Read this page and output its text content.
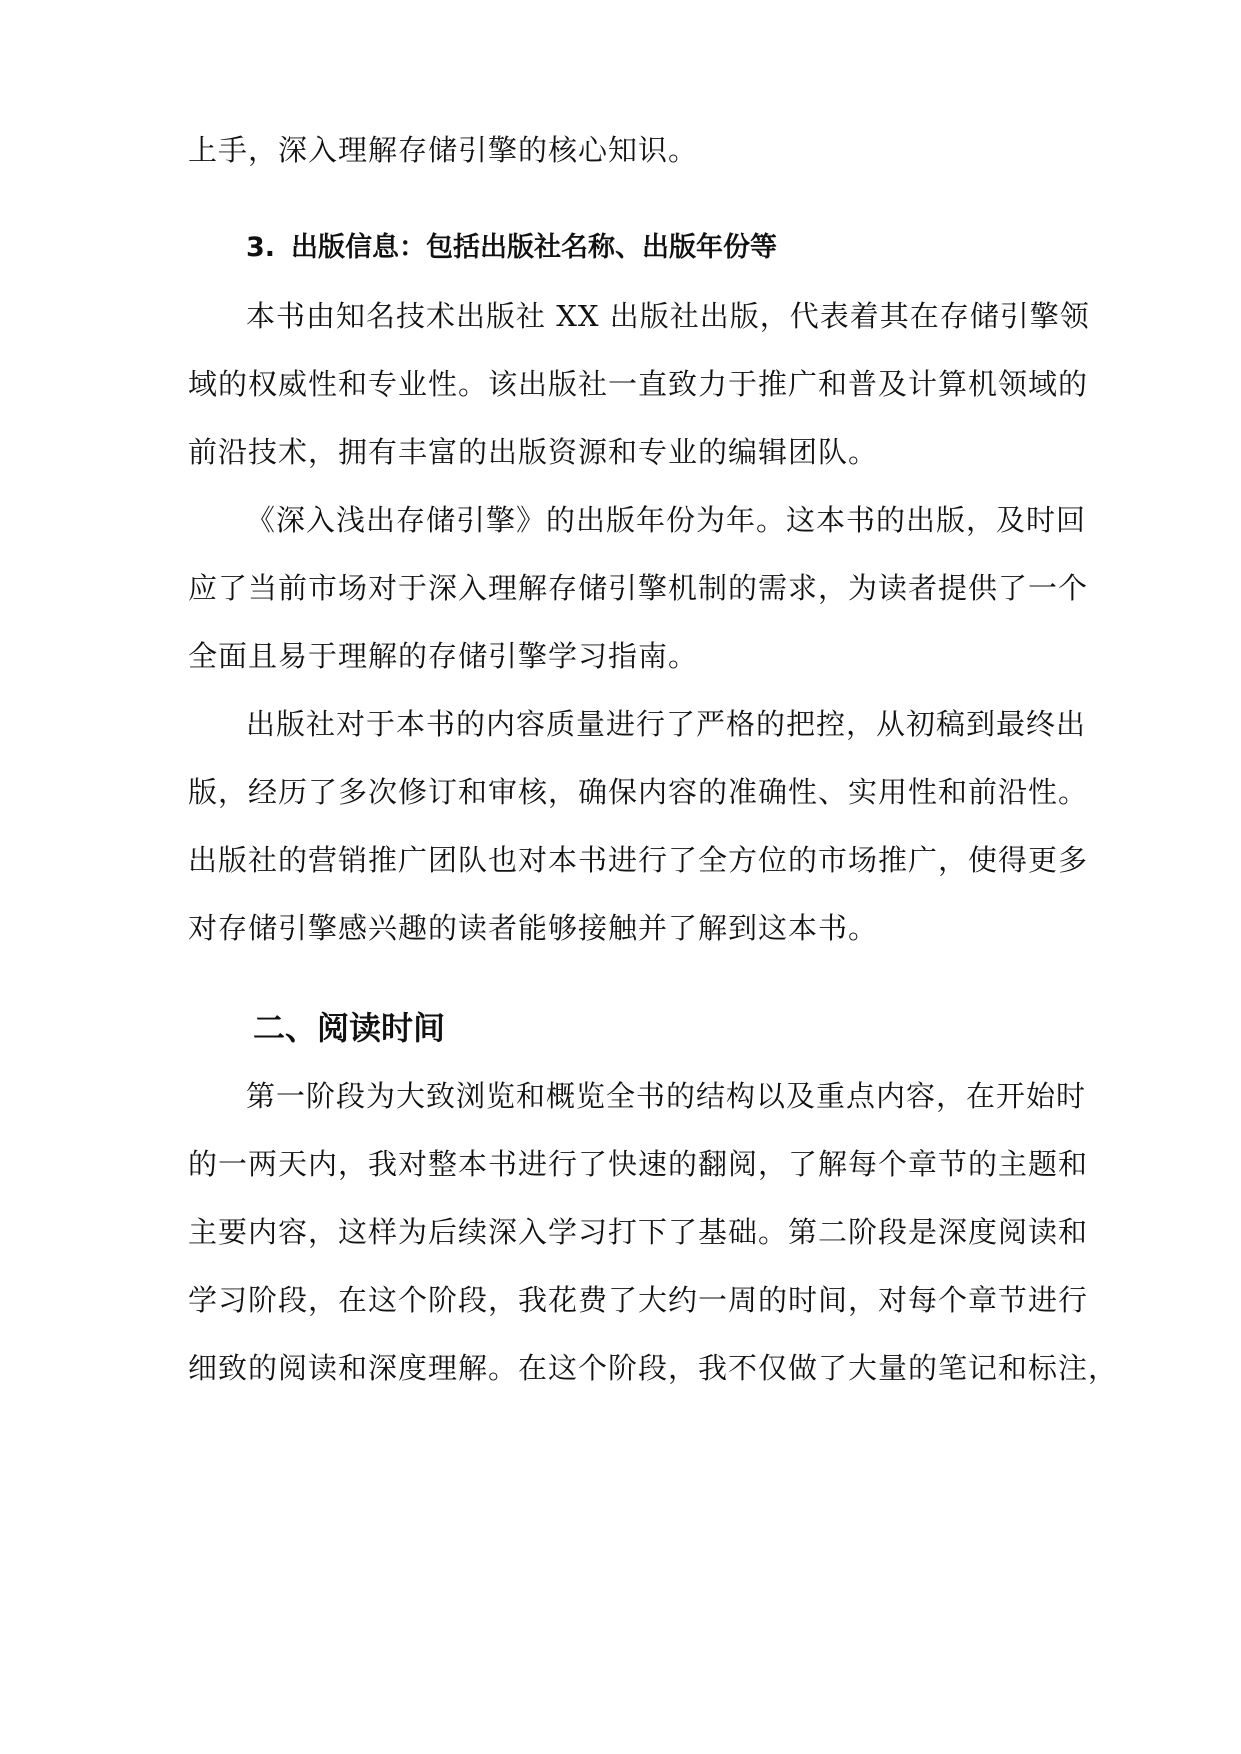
上手，深入理解存储引擎的核心知识。
3. 出版信息：包括出版社名称、出版年份等
本书由知名技术出版社 XX 出版社出版，代表着其在存储引擎领
域的权威性和专业性。该出版社一直致力于推广和普及计算机领域的
前沿技术，拥有丰富的出版资源和专业的编辑团队。
《深入浅出存储引擎》的出版年份为年。这本书的出版，及时回
应了当前市场对于深入理解存储引擎机制的需求，为读者提供了一个
全面且易于理解的存储引擎学习指南。
出版社对于本书的内容质量进行了严格的把控，从初稿到最终出
版，经历了多次修订和审核，确保内容的准确性、实用性和前沿性。
出版社的营销推广团队也对本书进行了全方位的市场推广，使得更多
对存储引擎感兴趣的读者能够接触并了解到这本书。
二、阅读时间
第一阶段为大致浏览和概览全书的结构以及重点内容，在开始时
的一两天内，我对整本书进行了快速的翻阅，了解每个章节的主题和
主要内容，这样为后续深入学习打下了基础。第二阶段是深度阅读和
学习阶段，在这个阶段，我花费了大约一周的时间，对每个章节进行
细致的阅读和深度理解。在这个阶段，我不仅做了大量的笔记和标注，
